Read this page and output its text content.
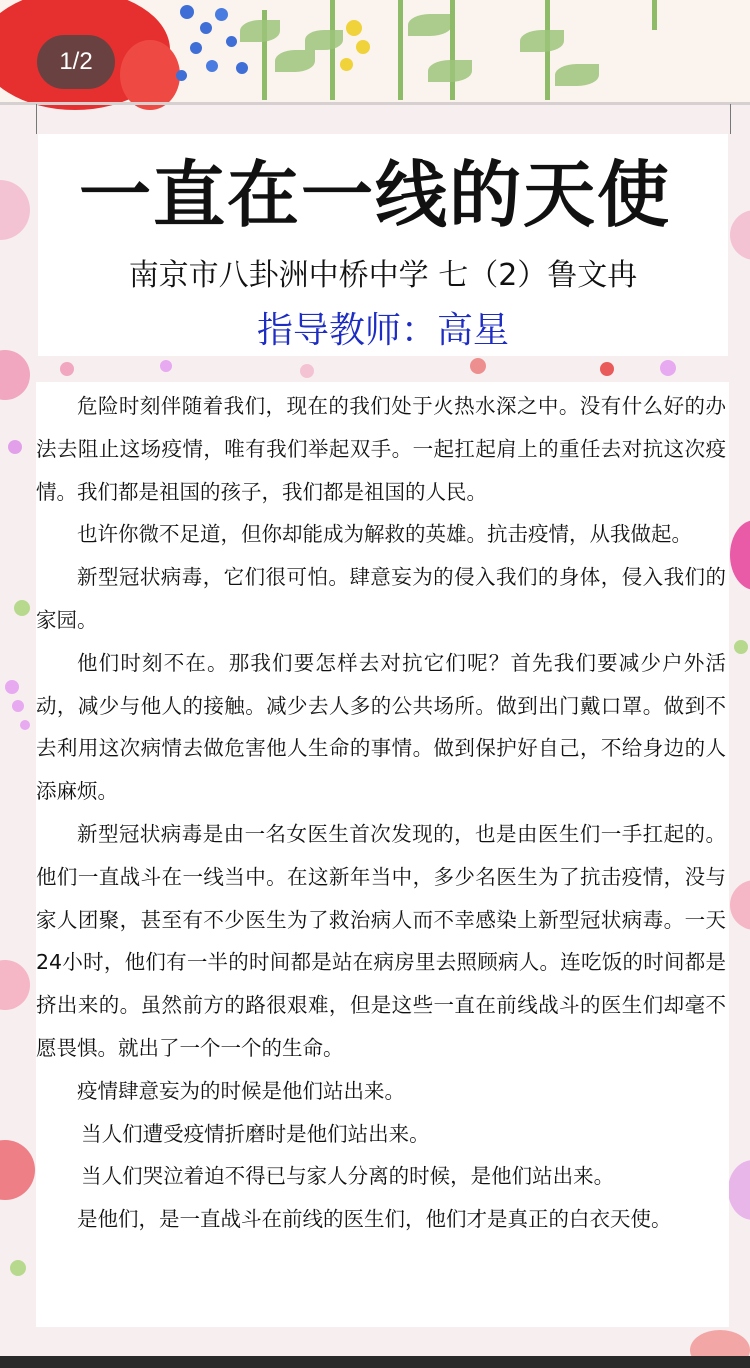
1/2
一直在一线的天使
南京市八卦洲中桥中学 七（2）鲁文冉
指导教师：高星

危险时刻伴随着我们，现在的我们处于火热水深之中。没有什么好的办法去阻止这场疫情，唯有我们举起双手。一起扛起肩上的重任去对抗这次疫情。我们都是祖国的孩子，我们都是祖国的人民。

也许你微不足道，但你却能成为解救的英雄。抗击疫情，从我做起。

新型冠状病毒，它们很可怕。肆意妄为的侵入我们的身体，侵入我们的家园。

他们时刻不在。那我们要怎样去对抗它们呢？首先我们要减少户外活动，减少与他人的接触。减少去人多的公共场所。做到出门戴口罩。做到不去利用这次病情去做危害他人生命的事情。做到保护好自己，不给身边的人添麻烦。

新型冠状病毒是由一名女医生首次发现的，也是由医生们一手扛起的。他们一直战斗在一线当中。在这新年当中，多少名医生为了抗击疫情，没与家人团聚，甚至有不少医生为了救治病人而不幸感染上新型冠状病毒。一天24小时，他们有一半的时间都是站在病房里去照顾病人。连吃饭的时间都是挤出来的。虽然前方的路很艰难，但是这些一直在前线战斗的医生们却毫不愿畏惧。就出了一个一个的生命。

疫情肆意妄为的时候是他们站出来。

当人们遭受疫情折磨时是他们站出来。

当人们哭泣着迫不得已与家人分离的时候，是他们站出来。

是他们，是一直战斗在前线的医生们，他们才是真正的白衣天使。
